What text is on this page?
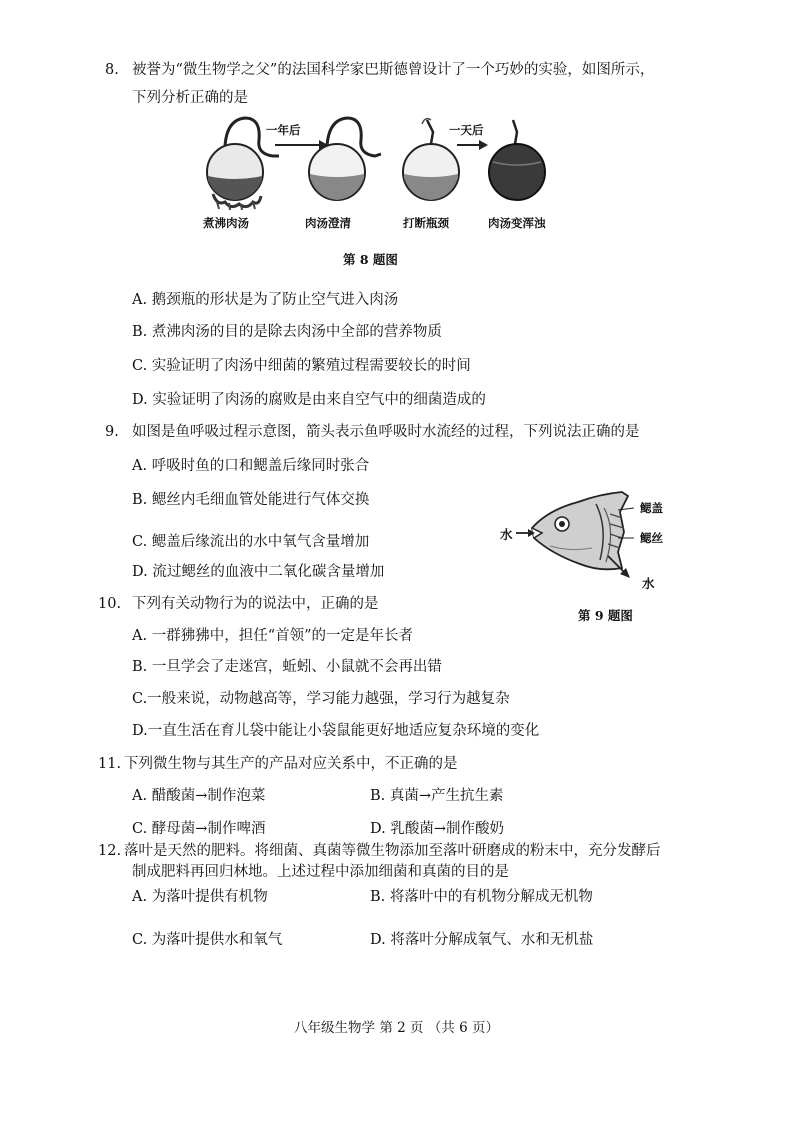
8. 被誉为“微生物学之父”的法国科学家巴斯德曾设计了一个巧妙的实验，如图所示，
下列分析正确的是
一年后	一天后
煮沸肉汤	肉汤澄清	打断瓶颈	肉汤变浑浊
第 8 题图
A. 鹅颈瓶的形状是为了防止空气进入肉汤
B. 煮沸肉汤的目的是除去肉汤中全部的营养物质
C. 实验证明了肉汤中细菌的繁殖过程需要较长的时间
D. 实验证明了肉汤的腐败是由来自空气中的细菌造成的
9. 如图是鱼呼吸过程示意图，箭头表示鱼呼吸时水流经的过程，下列说法正确的是
A. 呼吸时鱼的口和鳃盖后缘同时张合
B. 鳃丝内毛细血管处能进行气体交换
C. 鳃盖后缘流出的水中氧气含量增加
D. 流过鳃丝的血液中二氧化碳含量增加
水
鳃盖
鳃丝
水
第 9 题图
10. 下列有关动物行为的说法中，正确的是
A. 一群狒狒中，担任“首领”的一定是年长者
B. 一旦学会了走迷宫，蚯蚓、小鼠就不会再出错
C.一般来说，动物越高等，学习能力越强，学习行为越复杂
D.一直生活在育儿袋中能让小袋鼠能更好地适应复杂环境的变化
11. 下列微生物与其生产的产品对应关系中，不正确的是
A. 醋酸菌→制作泡菜	B. 真菌→产生抗生素
C. 酵母菌→制作啤酒	D. 乳酸菌→制作酸奶
12. 落叶是天然的肥料。将细菌、真菌等微生物添加至落叶研磨成的粉末中，充分发酵后
制成肥料再回归林地。上述过程中添加细菌和真菌的目的是
A. 为落叶提供有机物	B. 将落叶中的有机物分解成无机物
C. 为落叶提供水和氧气	D. 将落叶分解成氧气、水和无机盐
八年级生物学 第 2 页 （共 6 页）
